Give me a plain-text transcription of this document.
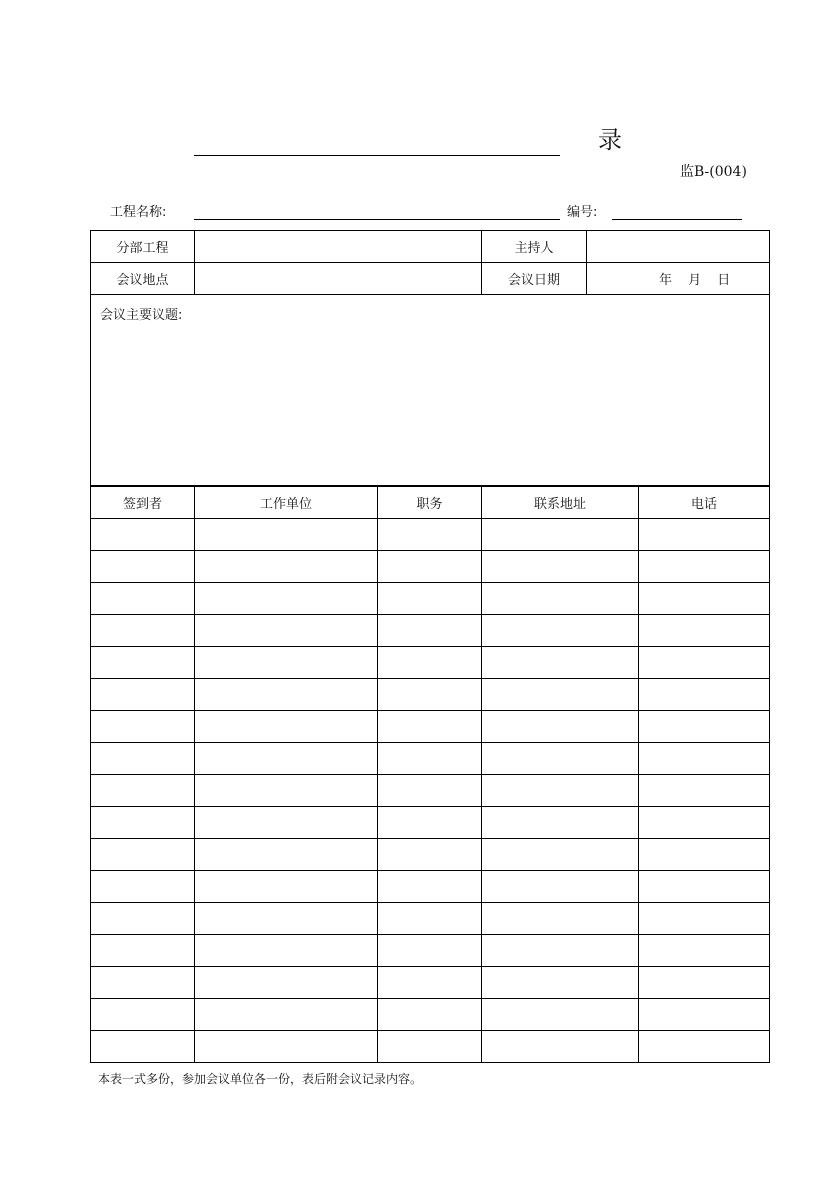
录
监B-(004)
工程名称:	编号:
分部工程		主持人	
会议地点		会议日期	年 月 日

会议主要议题:			
签到者	工作单位	职务	联系地址	电话

本表一式多份，参加会议单位各一份，表后附会议记录内容。
